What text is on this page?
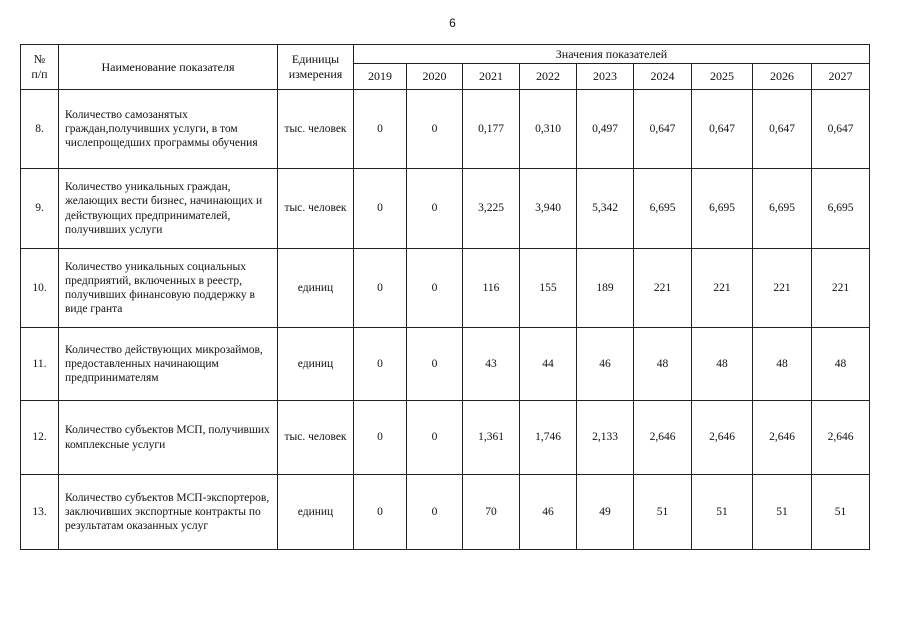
6
№
п/п	Наименование показателя	Единицы измерения	Значения показателей								
			2019	2020	2021	2022	2023	2024	2025	2026	2027
8.	Количество самозанятых граждан,получивших услуги, в том числепрощедших программы обучения	тыс. человек	0	0	0,177	0,310	0,497	0,647	0,647	0,647	0,647
9.	Количество уникальных граждан, желающих вести бизнес, начинающих и действующих предпринимателей, получивших услуги	тыс. человек	0	0	3,225	3,940	5,342	6,695	6,695	6,695	6,695
10.	Количество уникальных социальных предприятий, включенных в реестр, получивших финансовую поддержку в виде гранта	единиц	0	0	116	155	189	221	221	221	221
11.	Количество действующих микрозаймов, предоставленных начинающим предпринимателям	единиц	0	0	43	44	46	48	48	48	48
12.	Количество субъектов МСП, получивших комплексные услуги	тыс. человек	0	0	1,361	1,746	2,133	2,646	2,646	2,646	2,646
13.	Количество субъектов МСП-экспортеров, заключивших экспортные контракты по результатам оказанных услуг	единиц	0	0	70	46	49	51	51	51	51
